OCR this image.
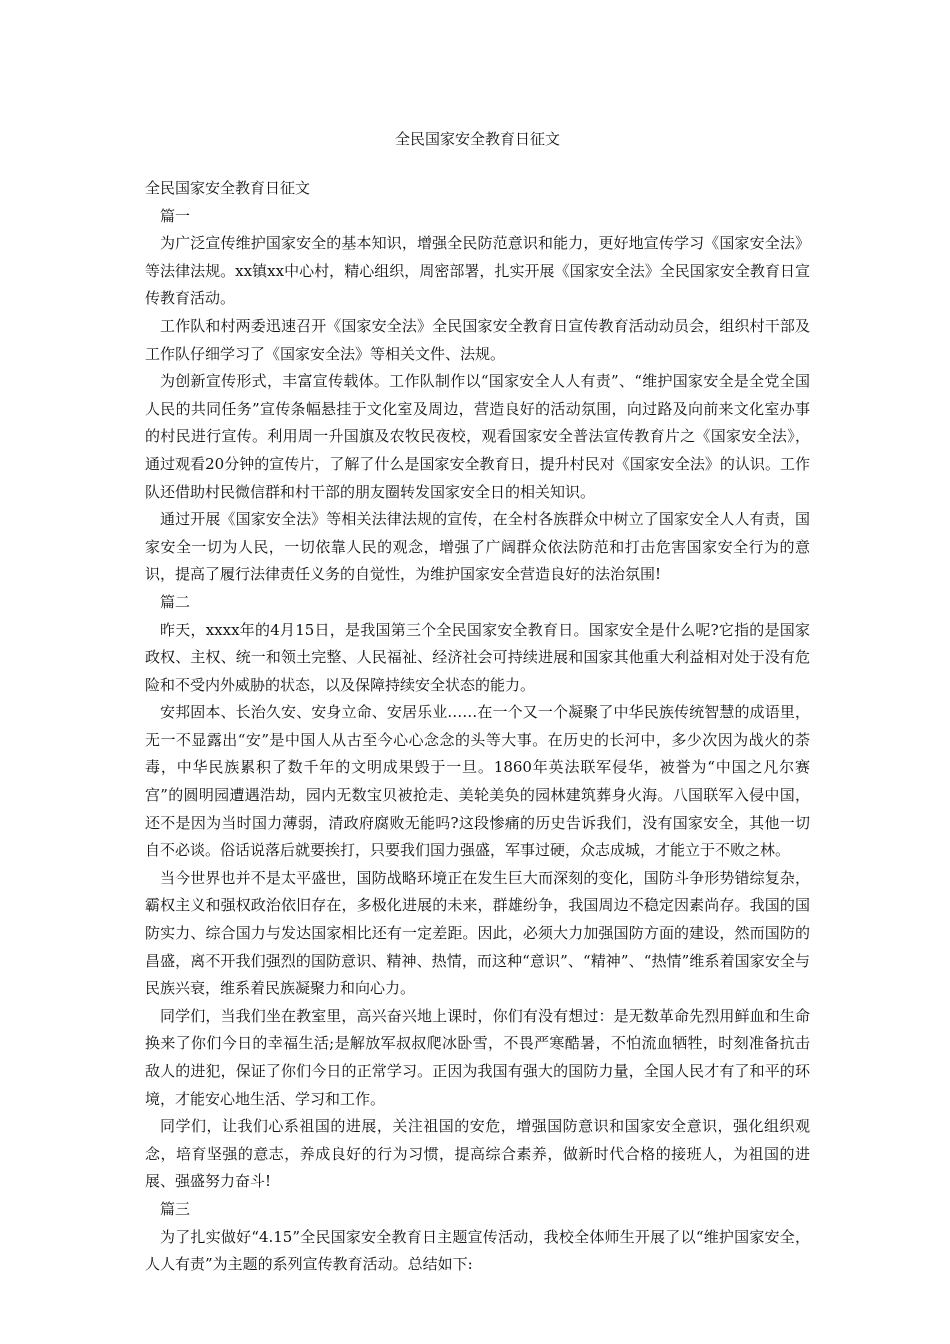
全民国家安全教育日征文

全民国家安全教育日征文

篇一

为广泛宣传维护国家安全的基本知识，增强全民防范意识和能力，更好地宣传学习《国家安全法》等法律法规。xx镇xx中心村，精心组织，周密部署，扎实开展《国家安全法》全民国家安全教育日宣传教育活动。

工作队和村两委迅速召开《国家安全法》全民国家安全教育日宣传教育活动动员会，组织村干部及工作队仔细学习了《国家安全法》等相关文件、法规。

为创新宣传形式，丰富宣传载体。工作队制作以“国家安全人人有责”、“维护国家安全是全党全国人民的共同任务”宣传条幅悬挂于文化室及周边，营造良好的活动氛围，向过路及向前来文化室办事的村民进行宣传。利用周一升国旗及农牧民夜校，观看国家安全普法宣传教育片之《国家安全法》，通过观看20分钟的宣传片，了解了什么是国家安全教育日，提升村民对《国家安全法》的认识。工作队还借助村民微信群和村干部的朋友圈转发国家安全日的相关知识。

通过开展《国家安全法》等相关法律法规的宣传，在全村各族群众中树立了国家安全人人有责，国家安全一切为人民，一切依靠人民的观念，增强了广阔群众依法防范和打击危害国家安全行为的意识，提高了履行法律责任义务的自觉性，为维护国家安全营造良好的法治氛围!

篇二

昨天，xxxx年的4月15日，是我国第三个全民国家安全教育日。国家安全是什么呢?它指的是国家政权、主权、统一和领土完整、人民福祉、经济社会可持续进展和国家其他重大利益相对处于没有危险和不受内外威胁的状态，以及保障持续安全状态的能力。

安邦固本、长治久安、安身立命、安居乐业……在一个又一个凝聚了中华民族传统智慧的成语里，无一不显露出“安”是中国人从古至今心心念念的头等大事。在历史的长河中，多少次因为战火的荼毒，中华民族累积了数千年的文明成果毁于一旦。1860年英法联军侵华，被誉为“中国之凡尔赛宫”的圆明园遭遇浩劫，园内无数宝贝被抢走、美轮美奂的园林建筑葬身火海。八国联军入侵中国，还不是因为当时国力薄弱，清政府腐败无能吗?这段惨痛的历史告诉我们，没有国家安全，其他一切自不必谈。俗话说落后就要挨打，只要我们国力强盛，军事过硬，众志成城，才能立于不败之林。

当今世界也并不是太平盛世，国防战略环境正在发生巨大而深刻的变化，国防斗争形势错综复杂，霸权主义和强权政治依旧存在，多极化进展的未来，群雄纷争，我国周边不稳定因素尚存。我国的国防实力、综合国力与发达国家相比还有一定差距。因此，必须大力加强国防方面的建设，然而国防的昌盛，离不开我们强烈的国防意识、精神、热情，而这种“意识”、“精神”、“热情”维系着国家安全与民族兴衰，维系着民族凝聚力和向心力。

同学们，当我们坐在教室里，高兴奋兴地上课时，你们有没有想过：是无数革命先烈用鲜血和生命换来了你们今日的幸福生活;是解放军叔叔爬冰卧雪，不畏严寒酷暑，不怕流血牺牲，时刻准备抗击敌人的进犯，保证了你们今日的正常学习。正因为我国有强大的国防力量，全国人民才有了和平的环境，才能安心地生活、学习和工作。

同学们，让我们心系祖国的进展，关注祖国的安危，增强国防意识和国家安全意识，强化组织观念，培育坚强的意志，养成良好的行为习惯，提高综合素养，做新时代合格的接班人，为祖国的进展、强盛努力奋斗!

篇三

为了扎实做好“4.15”全民国家安全教育日主题宣传活动，我校全体师生开展了以“维护国家安全，人人有责”为主题的系列宣传教育活动。总结如下:
